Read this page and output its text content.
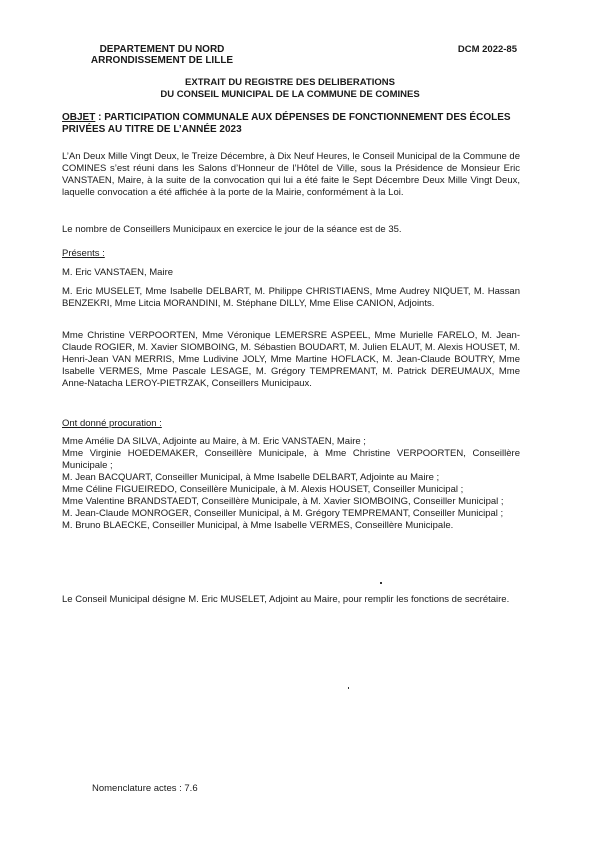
DEPARTEMENT DU NORD
ARRONDISSEMENT DE LILLE
DCM 2022-85
EXTRAIT DU REGISTRE DES DELIBERATIONS
DU CONSEIL MUNICIPAL DE LA COMMUNE DE COMINES
OBJET : PARTICIPATION COMMUNALE AUX DÉPENSES DE FONCTIONNEMENT DES ÉCOLES PRIVÉES AU TITRE DE L’ANNÉE 2023
L’An Deux Mille Vingt Deux, le Treize Décembre, à Dix Neuf Heures, le Conseil Municipal de la Commune de COMINES s’est réuni dans les Salons d’Honneur de l’Hôtel de Ville, sous la Présidence de Monsieur Eric VANSTAEN, Maire, à la suite de la convocation qui lui a été faite le Sept Décembre Deux Mille Vingt Deux, laquelle convocation a été affichée à la porte de la Mairie, conformément à la Loi.
Le nombre de Conseillers Municipaux en exercice le jour de la séance est de 35.
Présents :
M. Eric VANSTAEN, Maire
M. Eric MUSELET, Mme Isabelle DELBART, M. Philippe CHRISTIAENS, Mme Audrey NIQUET, M. Hassan BENZEKRI, Mme Litcia MORANDINI, M. Stéphane DILLY, Mme Elise CANION, Adjoints.
Mme Christine VERPOORTEN, Mme Véronique LEMERSRE ASPEEL, Mme Murielle FARELO, M. Jean-Claude ROGIER, M. Xavier SIOMBOING, M. Sébastien BOUDART, M. Julien ELAUT, M. Alexis HOUSET, M. Henri-Jean VAN MERRIS, Mme Ludivine JOLY, Mme Martine HOFLACK, M. Jean-Claude BOUTRY, Mme Isabelle VERMES, Mme Pascale LESAGE, M. Grégory TEMPREMANT, M. Patrick DEREUMAUX, Mme Anne-Natacha LEROY-PIETRZAK, Conseillers Municipaux.
Ont donné procuration :
Mme Amélie DA SILVA, Adjointe au Maire, à M. Eric VANSTAEN, Maire ;
Mme Virginie HOEDEMAKER, Conseillère Municipale, à Mme Christine VERPOORTEN, Conseillère Municipale ;
M. Jean BACQUART, Conseiller Municipal, à Mme Isabelle DELBART, Adjointe au Maire ;
Mme Céline FIGUEIREDO, Conseillère Municipale, à M. Alexis HOUSET, Conseiller Municipal ;
Mme Valentine BRANDSTAEDT, Conseillère Municipale, à M. Xavier SIOMBOING, Conseiller Municipal ;
M. Jean-Claude MONROGER, Conseiller Municipal, à M. Grégory TEMPREMANT, Conseiller Municipal ;
M. Bruno BLAECKE, Conseiller Municipal, à Mme Isabelle VERMES, Conseillère Municipale.
Le Conseil Municipal désigne M. Eric MUSELET, Adjoint au Maire, pour remplir les fonctions de secrétaire.
Nomenclature actes : 7.6
